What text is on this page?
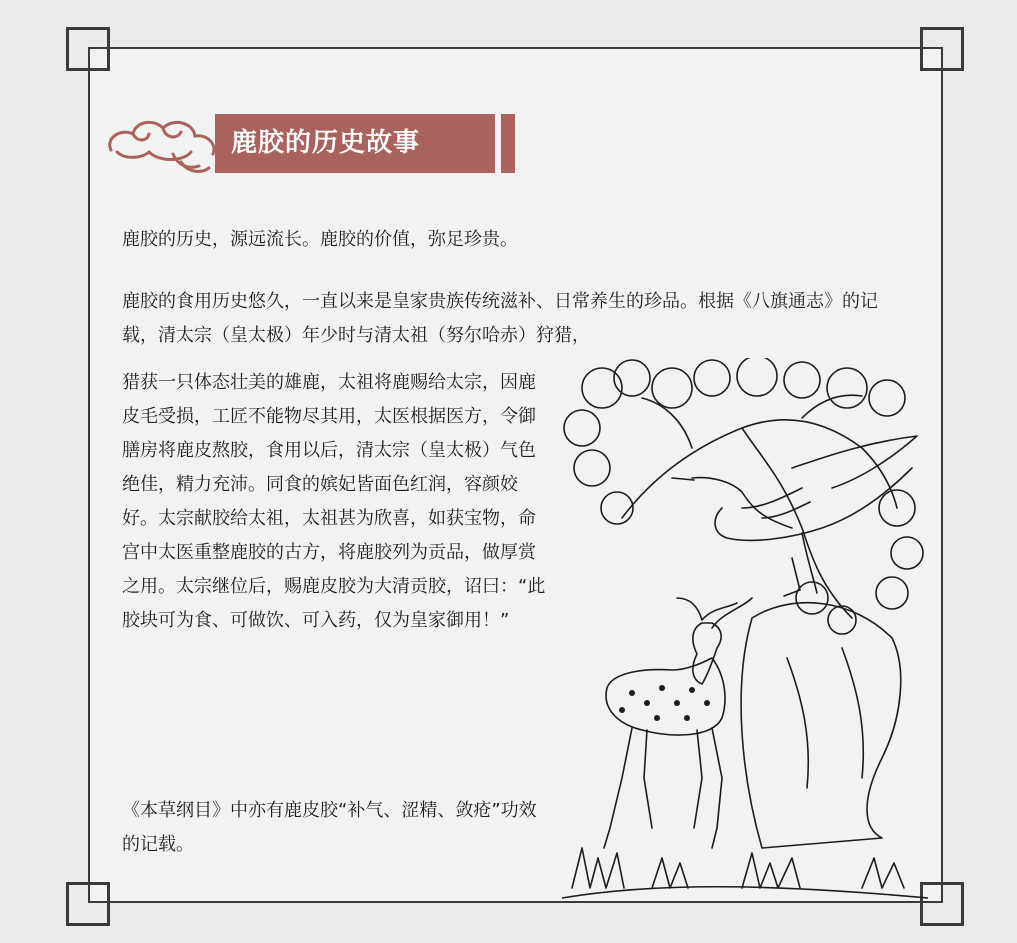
鹿胶的历史故事

鹿胶的历史，源远流长。鹿胶的价值，弥足珍贵。

鹿胶的食用历史悠久，一直以来是皇家贵族传统滋补、日常养生的珍品。根据《八旗通志》的记载，清太宗（皇太极）年少时与清太祖（努尔哈赤）狩猎，

猎获一只体态壮美的雄鹿，太祖将鹿赐给太宗，因鹿皮毛受损，工匠不能物尽其用，太医根据医方，令御膳房将鹿皮熬胶，食用以后，清太宗（皇太极）气色绝佳，精力充沛。同食的嫔妃皆面色红润，容颜姣好。太宗献胶给太祖，太祖甚为欣喜，如获宝物，命宫中太医重整鹿胶的古方，将鹿胶列为贡品，做厚赏之用。太宗继位后，赐鹿皮胶为大清贡胶，诏曰：“此胶块可为食、可做饮、可入药，仅为皇家御用！”

《本草纲目》中亦有鹿皮胶“补气、涩精、敛疮”功效的记载。
